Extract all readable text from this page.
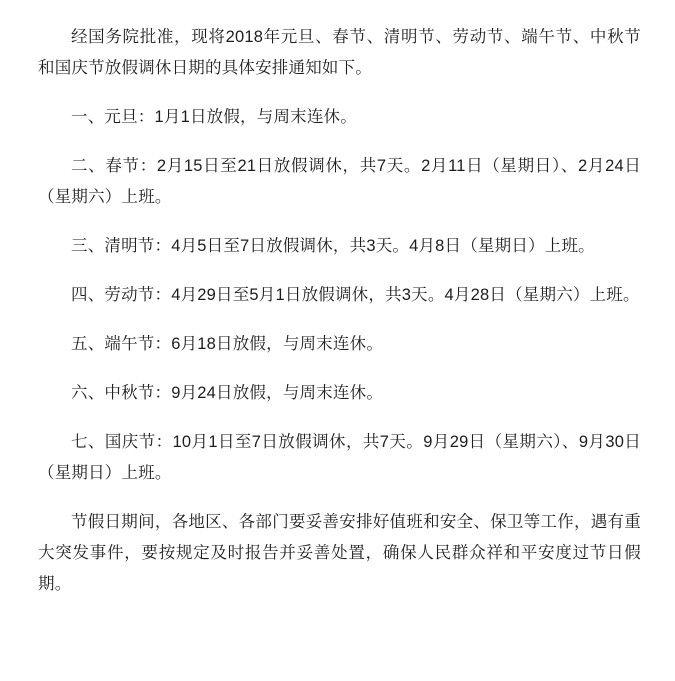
经国务院批准，现将2018年元旦、春节、清明节、劳动节、端午节、中秋节和国庆节放假调休日期的具体安排通知如下。

一、元旦：1月1日放假，与周末连休。

二、春节：2月15日至21日放假调休，共7天。2月11日（星期日）、2月24日（星期六）上班。

三、清明节：4月5日至7日放假调休，共3天。4月8日（星期日）上班。

四、劳动节：4月29日至5月1日放假调休，共3天。4月28日（星期六）上班。

五、端午节：6月18日放假，与周末连休。

六、中秋节：9月24日放假，与周末连休。

七、国庆节：10月1日至7日放假调休，共7天。9月29日（星期六）、9月30日（星期日）上班。

节假日期间，各地区、各部门要妥善安排好值班和安全、保卫等工作，遇有重大突发事件，要按规定及时报告并妥善处置，确保人民群众祥和平安度过节日假期。
